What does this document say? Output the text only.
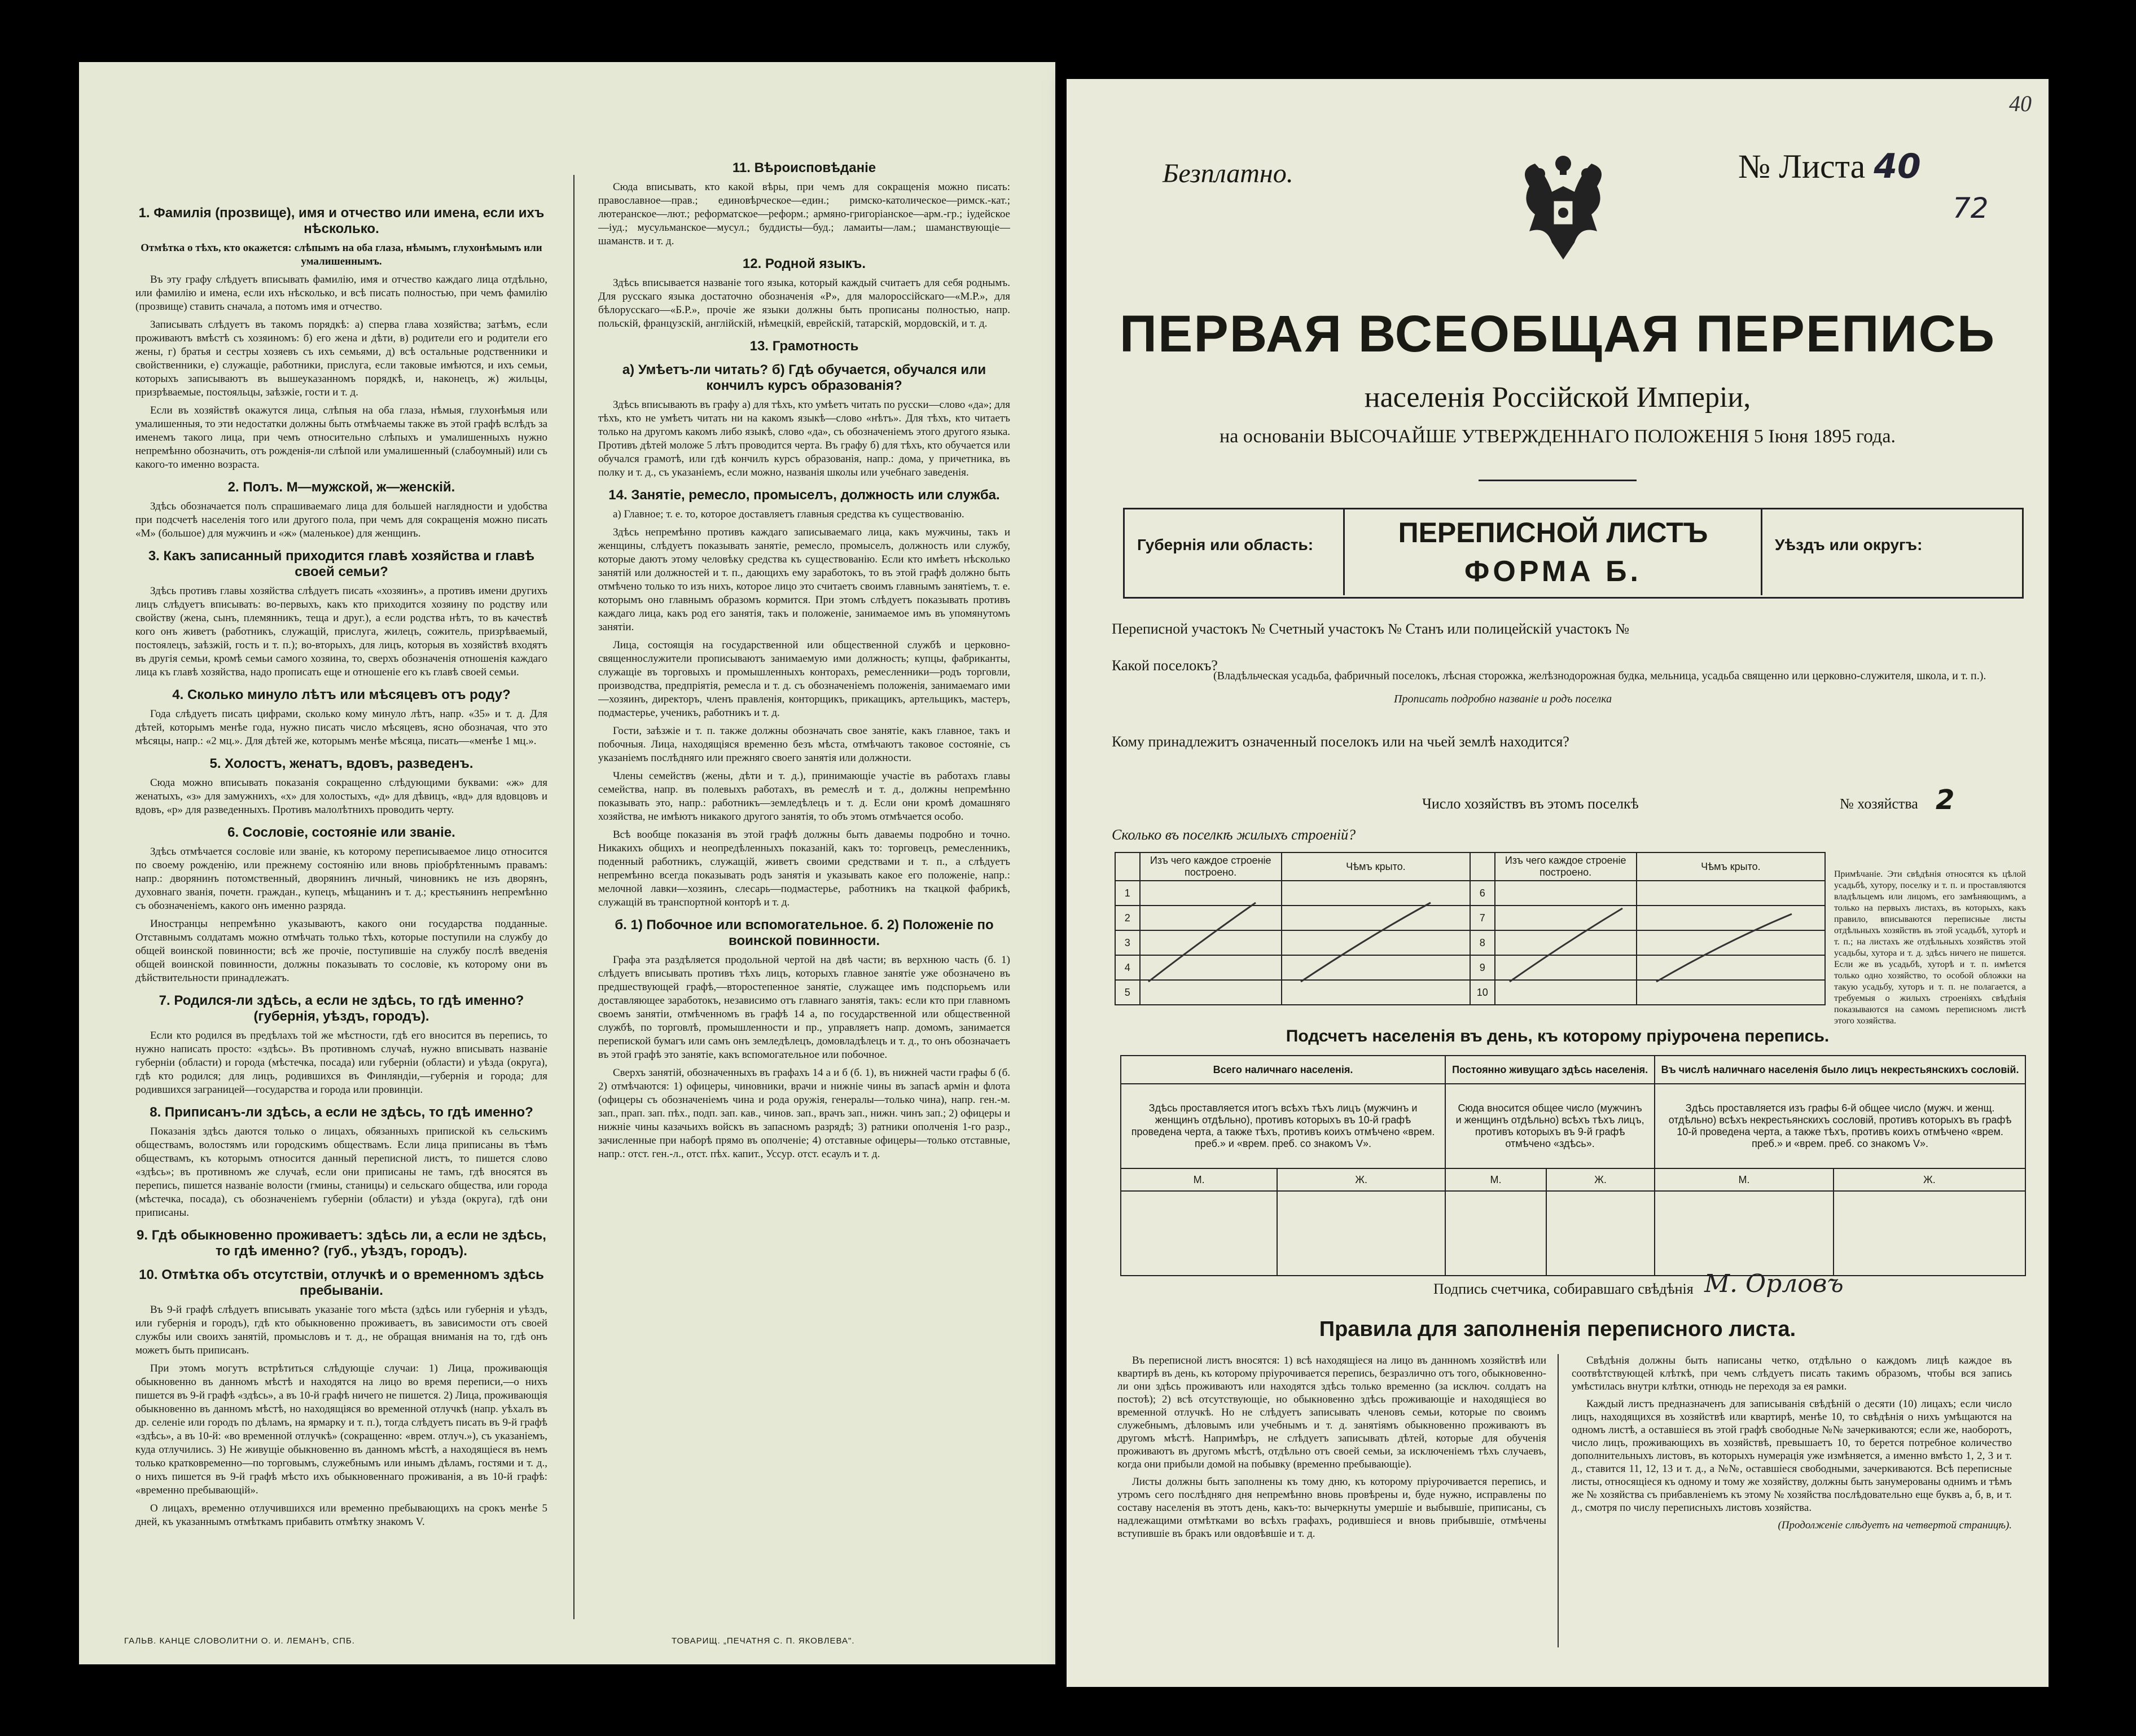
1. Фамилія (прозвище), имя и отчество или имена, если ихъ нѣсколько.

Отмѣтка о тѣхъ, кто окажется: слѣпымъ на оба глаза, нѣмымъ, глухонѣмымъ или умалишеннымъ.

Въ эту графу слѣдуетъ вписывать фамилію, имя и отчество каждаго лица отдѣльно, или фамилію и имена, если ихъ нѣсколько, и всѣ писать полностью, при чемъ фамилію (прозвище) ставить сначала, а потомъ имя и отчество.

Записывать слѣдуетъ въ такомъ порядкѣ: а) сперва глава хозяйства; затѣмъ, если проживаютъ вмѣстѣ съ хозяиномъ: б) его жена и дѣти, в) родители его и родители его жены, г) братья и сестры хозяевъ съ ихъ семьями, д) всѣ остальные родственники и свойственники, е) служащіе, работники, прислуга, если таковые имѣются, и ихъ семьи, которыхъ записываютъ въ вышеуказанномъ порядкѣ, и, наконецъ, ж) жильцы, призрѣваемые, постояльцы, заѣзжіе, гости и т. д.

Если въ хозяйствѣ окажутся лица, слѣпыя на оба глаза, нѣмыя, глухонѣмыя или умалишенныя, то эти недостатки должны быть отмѣчаемы также въ этой графѣ вслѣдъ за именемъ такого лица, при чемъ относительно слѣпыхъ и умалишенныхъ нужно непремѣнно обозначить, отъ рожденія-ли слѣпой или умалишенный (слабоумный) или съ какого-то именно возраста.

2. Полъ. М—мужской, ж—женскій.

Здѣсь обозначается полъ спрашиваемаго лица для большей наглядности и удобства при подсчетѣ населенія того или другого пола, при чемъ для сокращенія можно писать «М» (большое) для мужчинъ и «ж» (маленькое) для женщинъ.

3. Какъ записанный приходится главѣ хозяйства и главѣ своей семьи?

Здѣсь противъ главы хозяйства слѣдуетъ писать «хозяинъ», а противъ имени другихъ лицъ слѣдуетъ вписывать: во-первыхъ, какъ кто приходится хозяину по родству или свойству (жена, сынъ, племянникъ, теща и друг.), а если родства нѣтъ, то въ качествѣ кого онъ живетъ (работникъ, служащій, прислуга, жилецъ, сожитель, призрѣваемый, постоялецъ, заѣзжій, гость и т. п.); во-вторыхъ, для лицъ, которыя въ хозяйствѣ входятъ въ другія семьи, кромѣ семьи самого хозяина, то, сверхъ обозначенія отношенія каждаго лица къ главѣ хозяйства, надо прописать еще и отношеніе его къ главѣ своей семьи.

4. Сколько минуло лѣтъ или мѣсяцевъ отъ роду?

Года слѣдуетъ писать цифрами, сколько кому минуло лѣтъ, напр. «35» и т. д. Для дѣтей, которымъ менѣе года, нужно писать число мѣсяцевъ, ясно обозначая, что это мѣсяцы, напр.: «2 мц.». Для дѣтей же, которымъ менѣе мѣсяца, писать—«менѣе 1 мц.».

5. Холостъ, женатъ, вдовъ, разведенъ.

Сюда можно вписывать показанія сокращенно слѣдующими буквами: «ж» для женатыхъ, «з» для замужнихъ, «х» для холостыхъ, «д» для дѣвицъ, «вд» для вдовцовъ и вдовъ, «р» для разведенныхъ. Противъ малолѣтнихъ проводить черту.

6. Сословіе, состояніе или званіе.

Здѣсь отмѣчается сословіе или званіе, къ которому переписываемое лицо относится по своему рожденію, или прежнему состоянію или вновь пріобрѣтеннымъ правамъ: напр.: дворянинъ потомственный, дворянинъ личный, чиновникъ не изъ дворянъ, духовнаго званія, почетн. граждан., купецъ, мѣщанинъ и т. д.; крестьянинъ непремѣнно съ обозначеніемъ, какого онъ именно разряда.

Иностранцы непремѣнно указываютъ, какого они государства подданные. Отставнымъ солдатамъ можно отмѣчать только тѣхъ, которые поступили на службу до общей воинской повинности; всѣ же прочіе, поступившіе на службу послѣ введенія общей воинской повинности, должны показывать то сословіе, къ которому они въ дѣйствительности принадлежатъ.

7. Родился-ли здѣсь, а если не здѣсь, то гдѣ именно? (губернія, уѣздъ, городъ).

Если кто родился въ предѣлахъ той же мѣстности, гдѣ его вносится въ перепись, то нужно написать просто: «здѣсь». Въ противномъ случаѣ, нужно вписывать названіе губерніи (области) и города (мѣстечка, посада) или губерніи (области) и уѣзда (округа), гдѣ кто родился; для лицъ, родившихся въ Финляндіи,—губернія и города; для родившихся заграницей—государства и города или провинціи.

8. Приписанъ-ли здѣсь, а если не здѣсь, то гдѣ именно?

Показанія здѣсь даются только о лицахъ, обязанныхъ припиской къ сельскимъ обществамъ, волостямъ или городскимъ обществамъ. Если лица приписаны въ тѣмъ обществамъ, къ которымъ относится данный переписной листъ, то пишется слово «здѣсь»; въ противномъ же случаѣ, если они приписаны не тамъ, гдѣ вносятся въ перепись, пишется названіе волости (гмины, станицы) и сельскаго общества, или города (мѣстечка, посада), съ обозначеніемъ губерніи (области) и уѣзда (округа), гдѣ они приписаны.

9. Гдѣ обыкновенно проживаетъ: здѣсь ли, а если не здѣсь, то гдѣ именно? (губ., уѣздъ, городъ).
10. Отмѣтка объ отсутствіи, отлучкѣ и о временномъ здѣсь пребываніи.

Въ 9-й графѣ слѣдуетъ вписывать указаніе того мѣста (здѣсь или губернія и уѣздъ, или губернія и городъ), гдѣ кто обыкновенно проживаетъ, въ зависимости отъ своей службы или своихъ занятій, промысловъ и т. д., не обращая вниманія на то, гдѣ онъ можетъ быть приписанъ.

При этомъ могутъ встрѣтиться слѣдующіе случаи: 1) Лица, проживающія обыкновенно въ данномъ мѣстѣ и находятся на лицо во время переписи,—о нихъ пишется въ 9-й графѣ «здѣсь», а въ 10-й графѣ ничего не пишется. 2) Лица, проживающія обыкновенно въ данномъ мѣстѣ, но находящіяся во временной отлучкѣ (напр. уѣхалъ въ др. селеніе или городъ по дѣламъ, на ярмарку и т. п.), тогда слѣдуетъ писать въ 9-й графѣ «здѣсь», а въ 10-й: «во временной отлучкѣ» (сокращенно: «врем. отлуч.»), съ указаніемъ, куда отлучились. 3) Не живущіе обыкновенно въ данномъ мѣстѣ, а находящіеся въ немъ только кратковременно—по торговымъ, служебнымъ или инымъ дѣламъ, гостями и т. д., о нихъ пишется въ 9-й графѣ мѣсто ихъ обыкновеннаго проживанія, а въ 10-й графѣ: «временно пребывающій».

О лицахъ, временно отлучившихся или временно пребывающихъ на срокъ менѣе 5 дней, къ указаннымъ отмѣткамъ прибавить отмѣтку знакомъ V.

11. Вѣроисповѣданіе

Сюда вписывать, кто какой вѣры, при чемъ для сокращенія можно писать: православное—прав.; единовѣрческое—един.; римско-католическое—римск.-кат.; лютеранское—лют.; реформатское—реформ.; армяно-григоріанское—арм.-гр.; іудейское—іуд.; мусульманское—мусул.; буддисты—буд.; ламаиты—лам.; шаманствующіе—шаманств. и т. д.

12. Родной языкъ.

Здѣсь вписывается названіе того языка, который каждый считаетъ для себя роднымъ. Для русскаго языка достаточно обозначенія «Р», для малороссійскаго—«М.Р.», для бѣлорусскаго—«Б.Р.», прочіе же языки должны быть прописаны полностью, напр. польскій, французскій, англійскій, нѣмецкій, еврейскій, татарскій, мордовскій, и т. д.

13. Грамотность
а) Умѣетъ-ли читать? б) Гдѣ обучается, обучался или кончилъ курсъ образованія?

Здѣсь вписывають въ графу а) для тѣхъ, кто умѣетъ читать по русски—слово «да»; для тѣхъ, кто не умѣетъ читать ни на какомъ языкѣ—слово «нѣтъ». Для тѣхъ, кто читаетъ только на другомъ какомъ либо языкѣ, слово «да», съ обозначеніемъ этого другого языка. Противъ дѣтей моложе 5 лѣтъ проводится черта. Въ графу б) для тѣхъ, кто обучается или обучался грамотѣ, или гдѣ кончилъ курсъ образованія, напр.: дома, у причетника, въ полку и т. д., съ указаніемъ, если можно, названія школы или учебнаго заведенія.

14. Занятіе, ремесло, промыселъ, должность или служба.

а) Главное; т. е. то, которое доставляетъ главныя средства къ существованію.

Здѣсь непремѣнно противъ каждаго записываемаго лица, какъ мужчины, такъ и женщины, слѣдуетъ показывать занятіе, ремесло, промыселъ, должность или службу, которые даютъ этому человѣку средства къ существованію. Если кто имѣетъ нѣсколько занятій или должностей и т. п., дающихъ ему заработокъ, то въ этой графѣ должно быть отмѣчено только то изъ нихъ, которое лицо это считаетъ своимъ главнымъ занятіемъ, т. е. которымъ оно главнымъ образомъ кормится. При этомъ слѣдуетъ показывать противъ каждаго лица, какъ род его занятія, такъ и положеніе, занимаемое имъ въ упомянутомъ занятіи.

Лица, состоящія на государственной или общественной службѣ и церковно-священнослужители прописываютъ занимаемую ими должность; купцы, фабриканты, служащіе въ торговыхъ и промышленныхъ конторахъ, ремесленники—родъ торговли, производства, предпріятія, ремесла и т. д. съ обозначеніемъ положенія, занимаемаго ими—хозяинъ, директоръ, членъ правленія, конторщикъ, прикащикъ, артельщикъ, мастеръ, подмастерье, ученикъ, работникъ и т. д.

Гости, заѣзжіе и т. п. также должны обозначать свое занятіе, какъ главное, такъ и побочныя. Лица, находящіяся временно безъ мѣста, отмѣчаютъ таковое состояніе, съ указаніемъ послѣдняго или прежняго своего занятія или должности.

Члены семействъ (жены, дѣти и т. д.), принимающіе участіе въ работахъ главы семейства, напр. въ полевыхъ работахъ, въ ремеслѣ и т. д., должны непремѣнно показывать это, напр.: работникъ—земледѣлецъ и т. д. Если они кромѣ домашняго хозяйства, не имѣютъ никакого другого занятія, то объ этомъ отмѣчается особо.

Всѣ вообще показанія въ этой графѣ должны быть даваемы подробно и точно. Никакихъ общихъ и неопредѣленныхъ показаній, какъ то: торговецъ, ремесленникъ, поденный работникъ, служащій, живетъ своими средствами и т. п., а слѣдуетъ непремѣнно всегда показывать родъ занятія и указывать какое его положеніе, напр.: мелочной лавки—хозяинъ, слесарь—подмастерье, работникъ на ткацкой фабрикѣ, служащій въ транспортной конторѣ и т. д.

б. 1) Побочное или вспомогательное. б. 2) Положеніе по воинской повинности.

Графа эта раздѣляется продольной чертой на двѣ части; въ верхнюю часть (б. 1) слѣдуетъ вписывать противъ тѣхъ лицъ, которыхъ главное занятіе уже обозначено въ предшествующей графѣ,—второстепенное занятіе, служащее имъ подспорьемъ или доставляющее заработокъ, независимо отъ главнаго занятія, такъ: если кто при главномъ своемъ занятіи, отмѣченномъ въ графѣ 14 а, по государственной или общественной службѣ, по торговлѣ, промышленности и пр., управляетъ напр. домомъ, занимается перепиской бумагъ или самъ онъ земледѣлецъ, домовладѣлецъ и т. д., то онъ обозначаетъ въ этой графѣ это занятіе, какъ вспомогательное или побочное.

Сверхъ занятій, обозначенныхъ въ графахъ 14 а и б (б. 1), въ нижней части графы б (б. 2) отмѣчаются: 1) офицеры, чиновники, врачи и нижніе чины въ запасѣ армін и флота (офицеры съ обозначеніемъ чина и рода оружія, генералы—только чина), напр. ген.-м. зап., прап. зап. пѣх., подп. зап. кав., чинов. зап., врачъ зап., нижн. чинъ зап.; 2) офицеры и нижніе чины казачьихъ войскъ въ запасномъ разрядѣ; 3) ратники ополченія 1-го разр., зачисленные при наборѣ прямо въ ополченіе; 4) отставные офицеры—только отставные, напр.: отст. ген.-л., отст. пѣх. капит., Уссур. отст. есаулъ и т. д.

ГАЛЬВ. КАНЦЕ СЛОВОЛИТНИ О. И. ЛЕМАНЪ, СПБ.	ТОВАРИЩ. „ПЕЧАТНЯ С. П. ЯКОВЛЕВА".
40
Безплатно.	№ Листа 40
72
ПЕРВАЯ ВСЕОБЩАЯ ПЕРЕПИСЬ
населенія Россійской Имперіи,
на основаніи ВЫСОЧАЙШЕ УТВЕРЖДЕННАГО ПОЛОЖЕНІЯ 5 Іюня 1895 года.
Губернія или область:	ПЕРЕПИСНОЙ ЛИСТЪ
ФОРМА Б.
Уѣздъ или округъ:
Переписной участокъ № Счетный участокъ № Станъ или полицейскій участокъ №
Какой поселокъ?
(Владѣльческая усадьба, фабричный поселокъ, лѣсная сторожка, желѣзнодорожная будка, мельница, усадьба священно или церковно-служителя, школа, и т. п.).
Прописать подробно названіе и родъ поселка
Кому принадлежитъ означенный поселокъ или на чьей землѣ находится?
Число хозяйствъ въ этомъ поселкѣ	№ хозяйства 2
Сколько въ поселкѣ жилыхъ строеній?
	Изъ чего каждое строеніе построено.	Чѣмъ крыто.		Изъ чего каждое строеніе построено.	Чѣмъ крыто.
1			6		
2			7		
3			8		
4			9		
5			10		
Примѣчаніе. Эти свѣдѣнія относятся къ цѣлой усадьбѣ, хутору, поселку и т. п. и проставляются владѣльцемъ или лицомъ, его замѣняющимъ, а только на первыхъ листахъ, въ которыхъ, какъ правило, вписываются переписные листы отдѣльныхъ хозяйствъ въ этой усадьбѣ, хуторѣ и т. п.; на листахъ же отдѣльныхъ хозяйствъ этой усадьбы, хутора и т. д. здѣсь ничего не пишется. Если же въ усадьбѣ, хуторѣ и т. п. имѣется только одно хозяйство, то особой обложки на такую усадьбу, хуторъ и т. п. не полагается, а требуемыя о жилыхъ строеніяхъ свѣдѣнія показываются на самомъ переписномъ листѣ этого хозяйства.
Подсчетъ населенія въ день, къ которому пріурочена перепись.
Всего наличнаго населенія.		Постоянно живущаго здѣсь населенія.		Въ числѣ наличнаго населенія было лицъ некрестьянскихъ сословій.	
Здѣсь проставляется итогъ всѣхъ тѣхъ лицъ (мужчинъ и женщинъ отдѣльно), противъ которыхъ въ 10-й графѣ проведена черта, а также тѣхъ, противъ коихъ отмѣчено «врем. преб.» и «врем. преб. со знакомъ V».		Сюда вносится общее число (мужчинъ и женщинъ отдѣльно) всѣхъ тѣхъ лицъ, противъ которыхъ въ 9-й графѣ отмѣчено «здѣсь».		Здѣсь проставляется изъ графы 6-й общее число (мужч. и женщ. отдѣльно) всѣхъ некрестьянскихъ сословій, противъ которыхъ въ графѣ 10-й проведена черта, а также тѣхъ, противъ коихъ отмѣчено «врем. преб.» и «врем. преб. со знакомъ V».	
М.	Ж.	М.	Ж.	М.	Ж.

Подпись счетчика, собиравшаго свѣдѣнія М. Орловъ
Правила для заполненія переписного листа.

Въ переписной листъ вносятся: 1) всѣ находящіеся на лицо въ даннномъ хозяйствѣ или квартирѣ въ день, къ которому пріурочивается перепись, безразлично отъ того, обыкновенно-ли они здѣсь проживаютъ или находятся здѣсь только временно (за исключ. солдатъ на постоѣ); 2) всѣ отсутствующіе, но обыкновенно здѣсь проживающіе и находящіеся во временной отлучкѣ. Но не слѣдуетъ записывать членовъ семьи, которые по своимъ служебнымъ, дѣловымъ или учебнымъ и т. д. занятіямъ обыкновенно проживаютъ въ другомъ мѣстѣ. Напримѣръ, не слѣдуетъ записывать дѣтей, которые для обученія проживаютъ въ другомъ мѣстѣ, отдѣльно отъ своей семьи, за исключеніемъ тѣхъ случаевъ, когда они прибыли домой на побывку (временно пребывающіе).

Листы должны быть заполнены къ тому дню, къ которому пріурочивается перепись, и утромъ сего послѣдняго дня непремѣнно вновь провѣрены и, буде нужно, исправлены по составу населенія въ этотъ день, какъ-то: вычеркнуты умершіе и выбывшіе, приписаны, съ надлежащими отмѣтками во всѣхъ графахъ, родившіеся и вновь прибывшіе, отмѣчены вступившіе въ бракъ или овдовѣвшіе и т. д.

Свѣдѣнія должны быть написаны четко, отдѣльно о каждомъ лицѣ каждое въ соотвѣтствующей клѣткѣ, при чемъ слѣдуетъ писать такимъ образомъ, чтобы вся запись умѣстилась внутри клѣтки, отнюдь не переходя за ея рамки.

Каждый листъ предназначенъ для записыванія свѣдѣній о десяти (10) лицахъ; если число лицъ, находящихся въ хозяйствѣ или квартирѣ, менѣе 10, то свѣдѣнія о нихъ умѣщаются на одномъ листѣ, а оставшіеся въ этой графѣ свободные №№ зачеркиваются; если же, наоборотъ, число лицъ, проживающихъ въ хозяйствѣ, превышаетъ 10, то берется потребное количество дополнительныхъ листовъ, въ которыхъ нумерація уже измѣняется, а именно вмѣсто 1, 2, 3 и т. д., ставится 11, 12, 13 и т. д., а №№, оставшіеся свободными, зачеркиваются. Всѣ переписные листы, относящіеся къ одному и тому же хозяйству, должны быть занумерованы однимъ и тѣмъ же № хозяйства съ прибавленіемъ къ этому № хозяйства послѣдовательно еще буквъ а, б, в, и т. д., смотря по числу переписныхъ листовъ хозяйства.

(Продолженіе слѣдуетъ на четвертой страницѣ).
